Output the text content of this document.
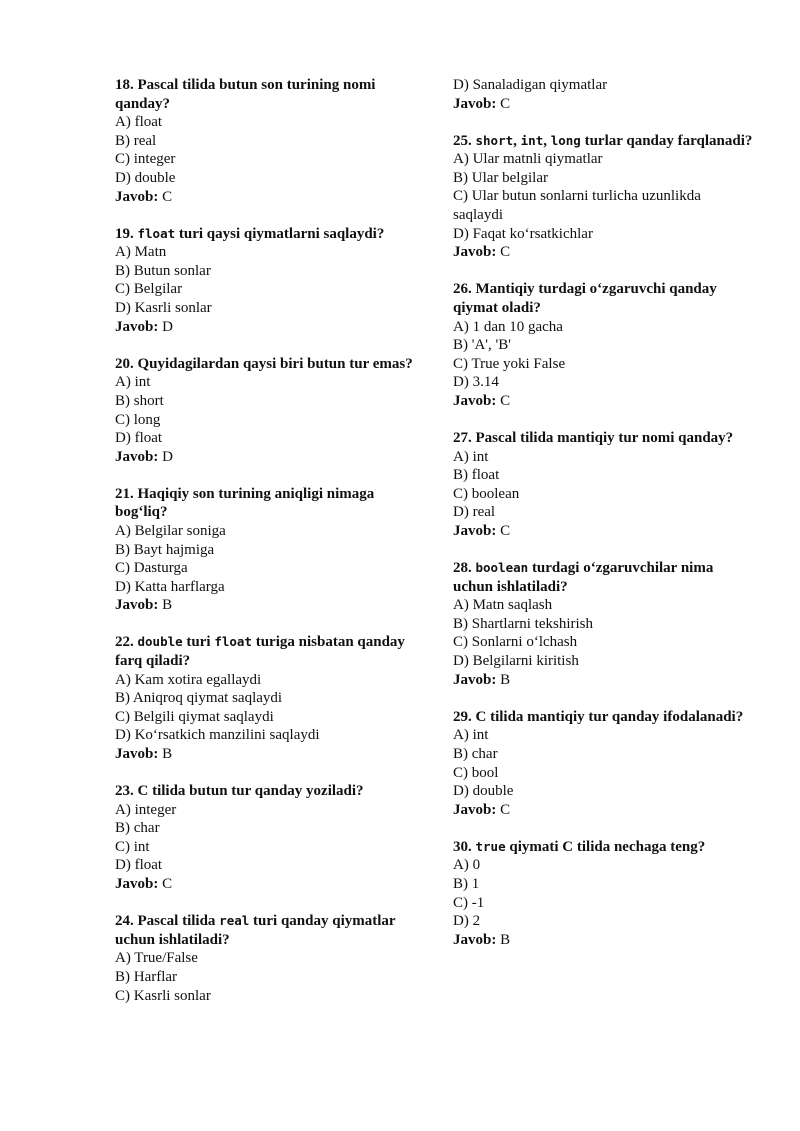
18. Pascal tilida butun son turining nomi qanday?
A) float
B) real
C) integer
D) double
Javob: C
19. float turi qaysi qiymatlarni saqlaydi?
A) Matn
B) Butun sonlar
C) Belgilar
D) Kasrli sonlar
Javob: D
20. Quyidagilardan qaysi biri butun tur emas?
A) int
B) short
C) long
D) float
Javob: D
21. Haqiqiy son turining aniqligi nimaga bog‘liq?
A) Belgilar soniga
B) Bayt hajmiga
C) Dasturga
D) Katta harflarga
Javob: B
22. double turi float turiga nisbatan qanday farq qiladi?
A) Kam xotira egallaydi
B) Aniqroq qiymat saqlaydi
C) Belgili qiymat saqlaydi
D) Ko‘rsatkich manzilini saqlaydi
Javob: B
23. C tilida butun tur qanday yoziladi?
A) integer
B) char
C) int
D) float
Javob: C
24. Pascal tilida real turi qanday qiymatlar uchun ishlatiladi?
A) True/False
B) Harflar
C) Kasrli sonlar
D) Sanaladigan qiymatlar
Javob: C
25. short, int, long turlar qanday farqlanadi?
A) Ular matnli qiymatlar
B) Ular belgilar
C) Ular butun sonlarni turlicha uzunlikda saqlaydi
D) Faqat ko‘rsatkichlar
Javob: C
26. Mantiqiy turdagi o‘zgaruvchi qanday qiymat oladi?
A) 1 dan 10 gacha
B) 'A', 'B'
C) True yoki False
D) 3.14
Javob: C
27. Pascal tilida mantiqiy tur nomi qanday?
A) int
B) float
C) boolean
D) real
Javob: C
28. boolean turdagi o‘zgaruvchilar nima uchun ishlatiladi?
A) Matn saqlash
B) Shartlarni tekshirish
C) Sonlarni o‘lchash
D) Belgilarni kiritish
Javob: B
29. C tilida mantiqiy tur qanday ifodalanadi?
A) int
B) char
C) bool
D) double
Javob: C
30. true qiymati C tilida nechaga teng?
A) 0
B) 1
C) -1
D) 2
Javob: B
